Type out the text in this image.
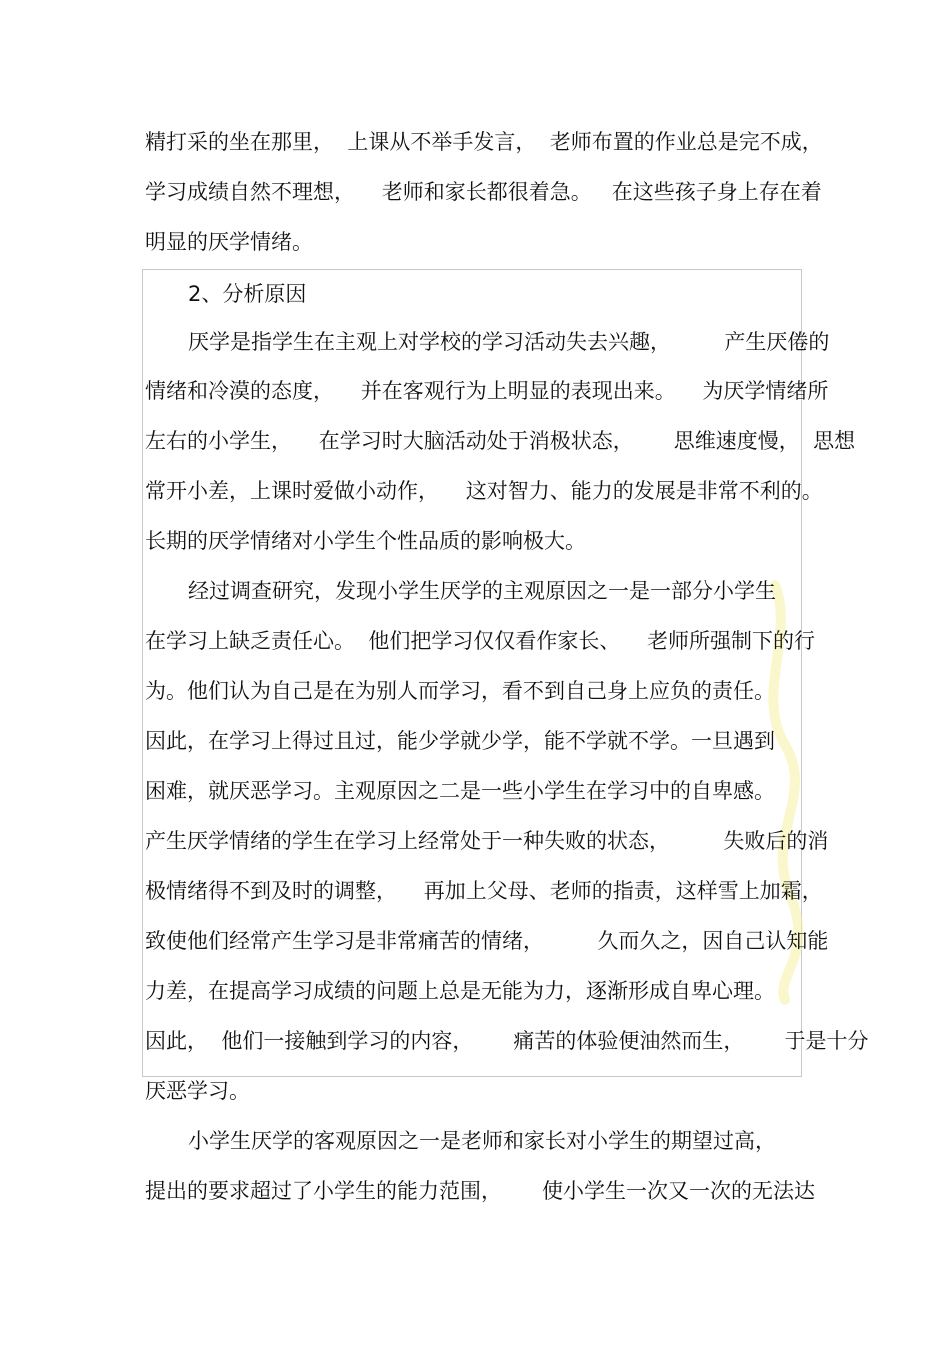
精打采的坐在那里，  上课从不举手发言，  老师布置的作业总是完不成，
学习成绩自然不理想，    老师和家长都很着急。   在这些孩子身上存在着
明显的厌学情绪。
2、分析原因
厌学是指学生在主观上对学校的学习活动失去兴趣，        产生厌倦的
情绪和冷漠的态度，    并在客观行为上明显的表现出来。    为厌学情绪所
左右的小学生，    在学习时大脑活动处于消极状态，      思维速度慢，  思想
常开小差，上课时爱做小动作，    这对智力、能力的发展是非常不利的。
长期的厌学情绪对小学生个性品质的影响极大。
经过调查研究，发现小学生厌学的主观原因之一是一部分小学生
在学习上缺乏责任心。  他们把学习仅仅看作家长、    老师所强制下的行
为。他们认为自己是在为别人而学习，看不到自己身上应负的责任。
因此，在学习上得过且过，能少学就少学，能不学就不学。一旦遇到
困难，就厌恶学习。主观原因之二是一些小学生在学习中的自卑感。
产生厌学情绪的学生在学习上经常处于一种失败的状态，        失败后的消
极情绪得不到及时的调整，    再加上父母、老师的指责，这样雪上加霜，
致使他们经常产生学习是非常痛苦的情绪，        久而久之，因自己认知能
力差，在提高学习成绩的问题上总是无能为力，逐渐形成自卑心理。
因此，  他们一接触到学习的内容，      痛苦的体验便油然而生，      于是十分
厌恶学习。
小学生厌学的客观原因之一是老师和家长对小学生的期望过高，
提出的要求超过了小学生的能力范围，      使小学生一次又一次的无法达
